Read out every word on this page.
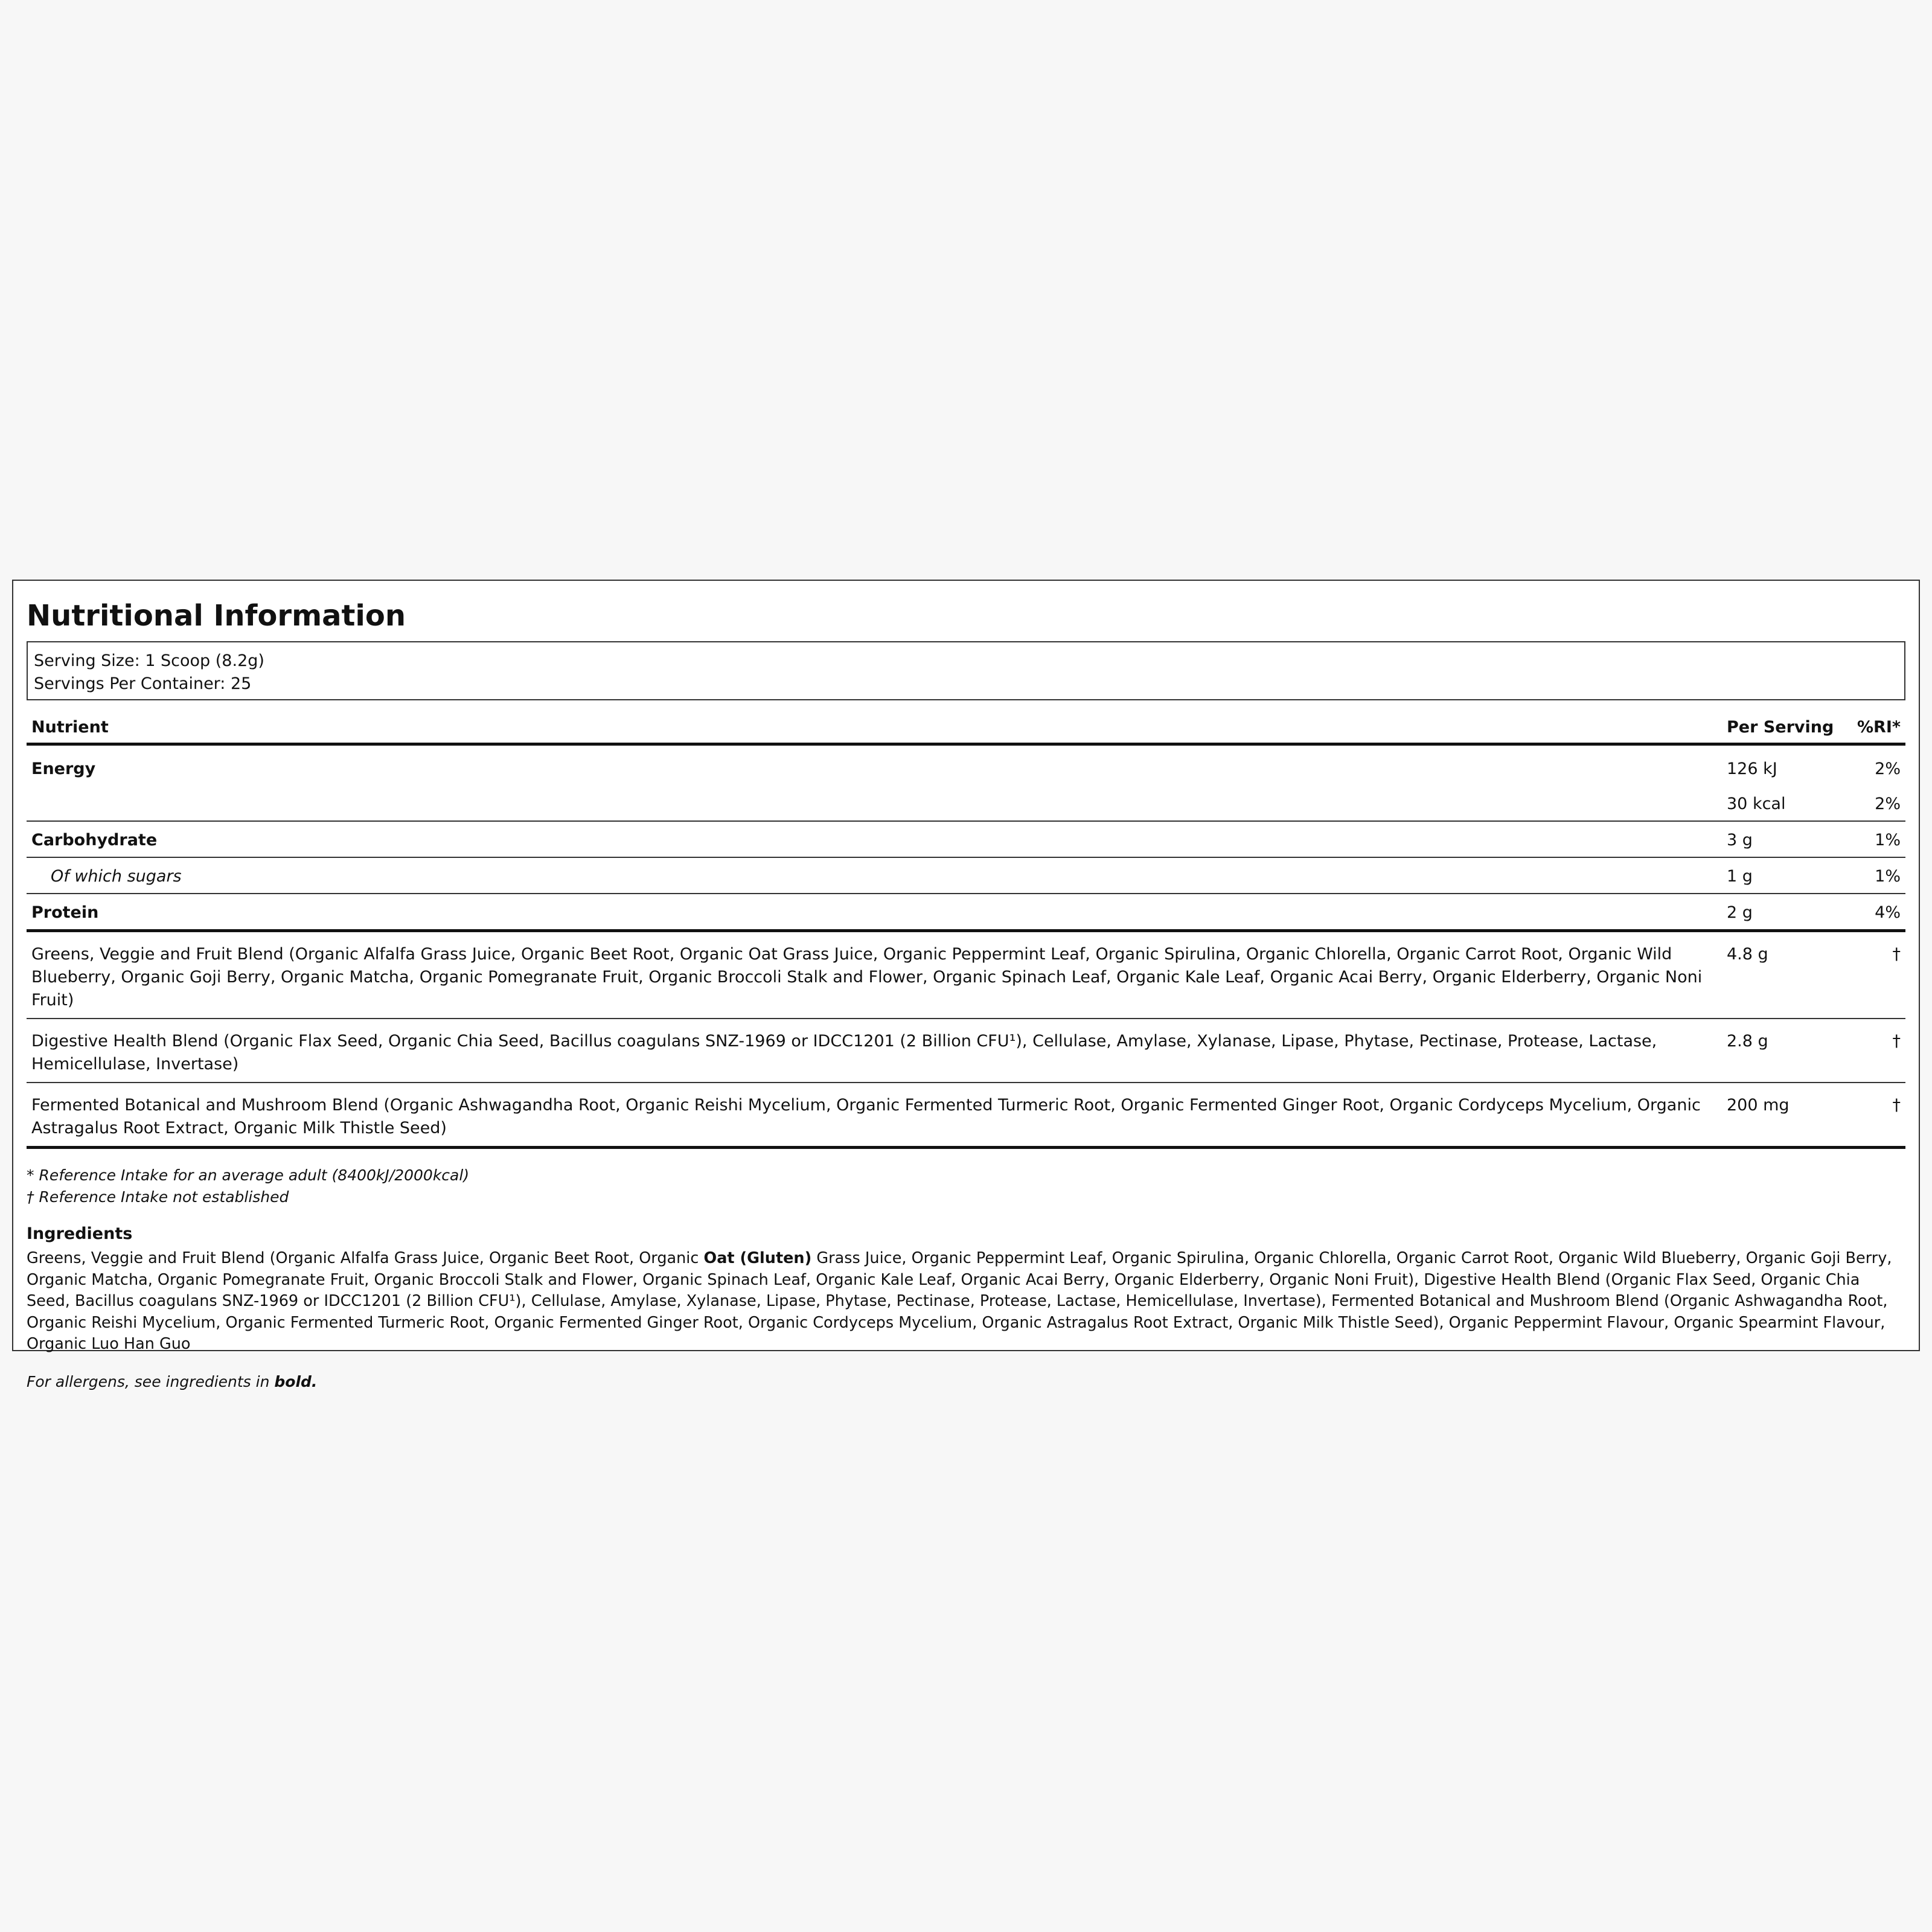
Nutritional Information
Serving Size: 1 Scoop (8.2g)
Servings Per Container: 25
Nutrient	Per Serving	%RI*
Energy	126 kJ	2%
	30 kcal	2%
Carbohydrate	3 g	1%
Of which sugars	1 g	1%
Protein	2 g	4%
Greens, Veggie and Fruit Blend (Organic Alfalfa Grass Juice, Organic Beet Root, Organic Oat Grass Juice, Organic Peppermint Leaf, Organic Spirulina, Organic Chlorella, Organic Carrot Root, Organic Wild Blueberry, Organic Goji Berry, Organic Matcha, Organic Pomegranate Fruit, Organic Broccoli Stalk and Flower, Organic Spinach Leaf, Organic Kale Leaf, Organic Acai Berry, Organic Elderberry, Organic Noni Fruit)	4.8 g	†
Digestive Health Blend (Organic Flax Seed, Organic Chia Seed, Bacillus coagulans SNZ-1969 or IDCC1201 (2 Billion CFU¹), Cellulase, Amylase, Xylanase, Lipase, Phytase, Pectinase, Protease, Lactase, Hemicellulase, Invertase)	2.8 g	†
Fermented Botanical and Mushroom Blend (Organic Ashwagandha Root, Organic Reishi Mycelium, Organic Fermented Turmeric Root, Organic Fermented Ginger Root, Organic Cordyceps Mycelium, Organic Astragalus Root Extract, Organic Milk Thistle Seed)	200 mg	†
* Reference Intake for an average adult (8400kJ/2000kcal)
† Reference Intake not established
Ingredients
Greens, Veggie and Fruit Blend (Organic Alfalfa Grass Juice, Organic Beet Root, Organic Oat (Gluten) Grass Juice, Organic Peppermint Leaf, Organic Spirulina, Organic Chlorella, Organic Carrot Root, Organic Wild Blueberry, Organic Goji Berry, Organic Matcha, Organic Pomegranate Fruit, Organic Broccoli Stalk and Flower, Organic Spinach Leaf, Organic Kale Leaf, Organic Acai Berry, Organic Elderberry, Organic Noni Fruit), Digestive Health Blend (Organic Flax Seed, Organic Chia Seed, Bacillus coagulans SNZ-1969 or IDCC1201 (2 Billion CFU¹), Cellulase, Amylase, Xylanase, Lipase, Phytase, Pectinase, Protease, Lactase, Hemicellulase, Invertase), Fermented Botanical and Mushroom Blend (Organic Ashwagandha Root, Organic Reishi Mycelium, Organic Fermented Turmeric Root, Organic Fermented Ginger Root, Organic Cordyceps Mycelium, Organic Astragalus Root Extract, Organic Milk Thistle Seed), Organic Peppermint Flavour, Organic Spearmint Flavour, Organic Luo Han Guo
For allergens, see ingredients in bold.
